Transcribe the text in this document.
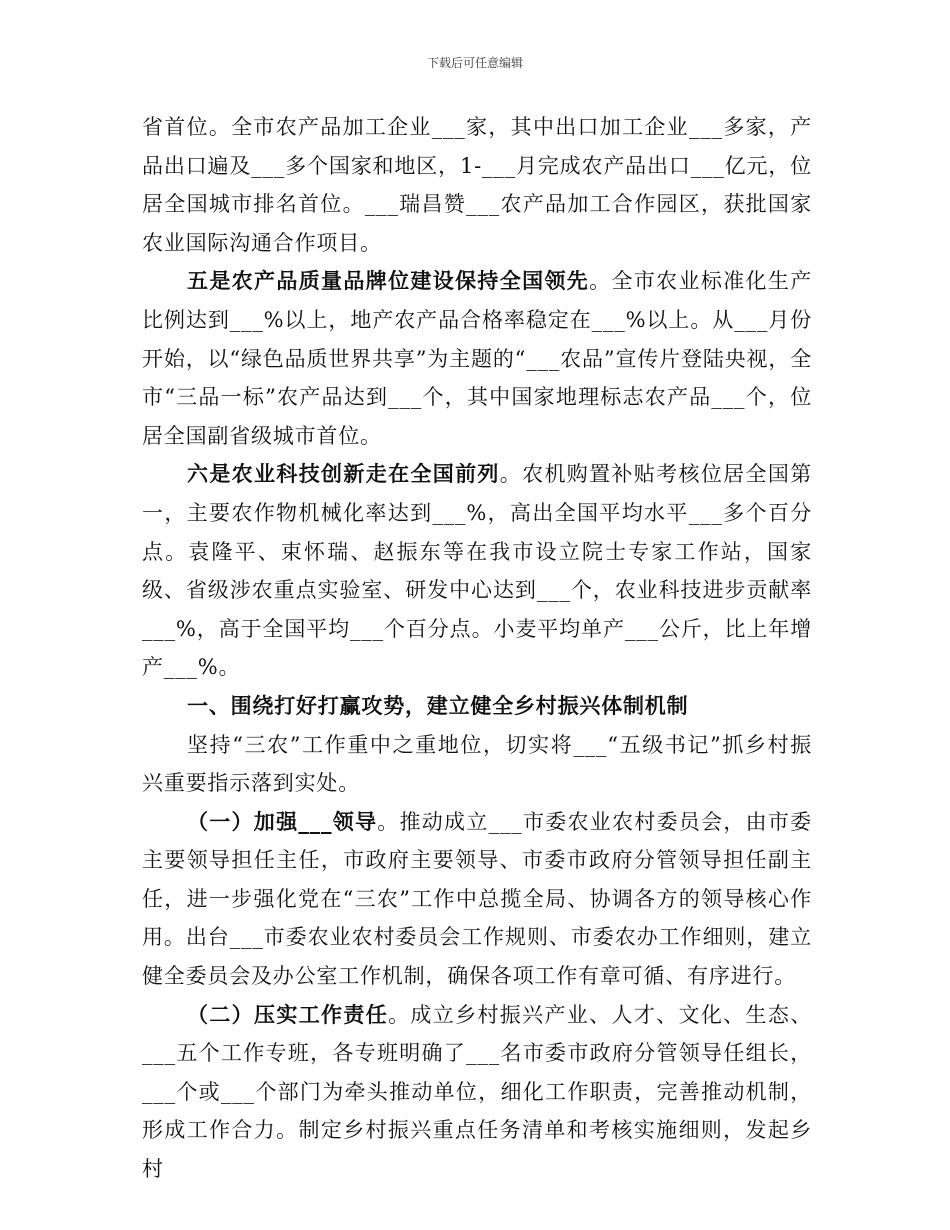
下载后可任意编辑

省首位。全市农产品加工企业___家，其中出口加工企业___多家，产品出口遍及___多个国家和地区，1-___月完成农产品出口___亿元，位居全国城市排名首位。___瑞昌赞___农产品加工合作园区，获批国家农业国际沟通合作项目。

五是农产品质量品牌位建设保持全国领先。全市农业标准化生产比例达到___%以上，地产农产品合格率稳定在___%以上。从___月份开始，以“绿色品质世界共享”为主题的“___农品”宣传片登陆央视，全市“三品一标”农产品达到___个，其中国家地理标志农产品___个，位居全国副省级城市首位。

六是农业科技创新走在全国前列。农机购置补贴考核位居全国第一，主要农作物机械化率达到___%，高出全国平均水平___多个百分点。袁隆平、束怀瑞、赵振东等在我市设立院士专家工作站，国家级、省级涉农重点实验室、研发中心达到___个，农业科技进步贡献率___%，高于全国平均___个百分点。小麦平均单产___公斤，比上年增产___%。

一、围绕打好打赢攻势，建立健全乡村振兴体制机制

坚持“三农”工作重中之重地位，切实将___“五级书记”抓乡村振兴重要指示落到实处。

（一）加强___领导。推动成立___市委农业农村委员会，由市委主要领导担任主任，市政府主要领导、市委市政府分管领导担任副主任，进一步强化党在“三农”工作中总揽全局、协调各方的领导核心作用。出台___市委农业农村委员会工作规则、市委农办工作细则，建立健全委员会及办公室工作机制，确保各项工作有章可循、有序进行。

（二）压实工作责任。成立乡村振兴产业、人才、文化、生态、___五个工作专班，各专班明确了___名市委市政府分管领导任组长，___个或___个部门为牵头推动单位，细化工作职责，完善推动机制，形成工作合力。制定乡村振兴重点任务清单和考核实施细则，发起乡村
